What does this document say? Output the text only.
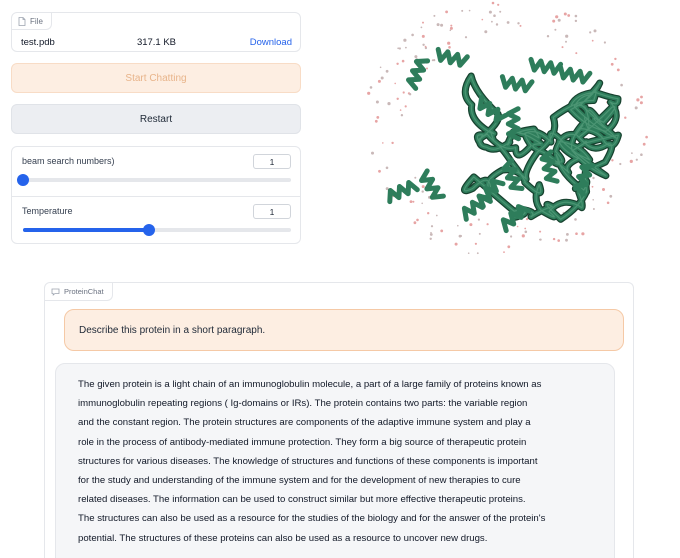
File
test.pdb	317.1 KB	Download
Start Chatting
Restart
beam search numbers)	1
Temperature	1
ProteinChat
Describe this protein in a short paragraph.
The given protein is a light chain of an immunoglobulin molecule, a part of a large family of proteins known as
immunoglobulin repeating regions ( Ig-domains or IRs). The protein contains two parts: the variable region
and the constant region. The protein structures are components of the adaptive immune system and play a
role in the process of antibody-mediated immune protection. They form a big source of therapeutic protein
structures for various diseases. The knowledge of structures and functions of these components is important
for the study and understanding of the immune system and for the development of new therapies to cure
related diseases. The information can be used to construct similar but more effective therapeutic proteins.
The structures can also be used as a resource for the studies of the biology and for the answer of the protein's
potential. The structures of these proteins can also be used as a resource to uncover new drugs.
